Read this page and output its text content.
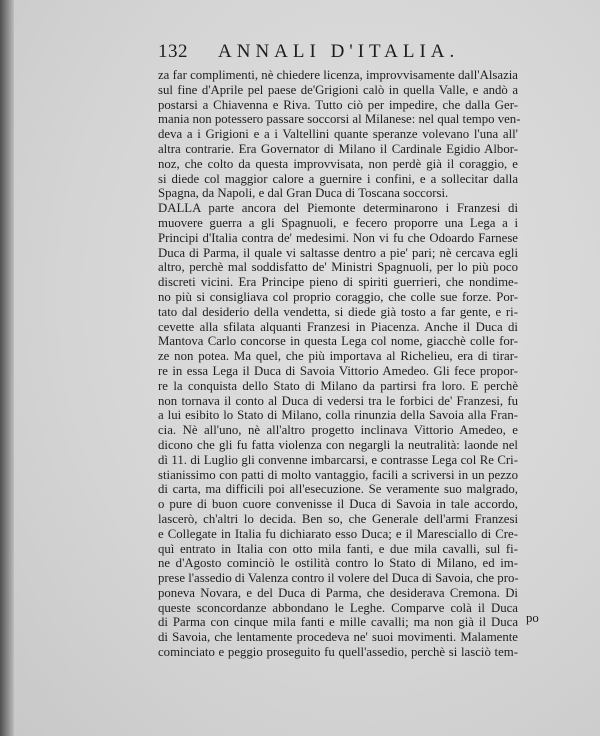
132 ANNALI D'ITALIA.
za far complimenti, nè chiedere licenza, improvvisamente dall'Alsazia
sul fine d'Aprile pel paese de'Grigioni calò in quella Valle, e andò a
postarsi a Chiavenna e Riva. Tutto ciò per impedire, che dalla Ger-
mania non potessero passare soccorsi al Milanese: nel qual tempo ven-
deva a i Grigioni e a i Valtellini quante speranze volevano l'una all'
altra contrarie. Era Governator di Milano il Cardinale Egidio Albor-
noz, che colto da questa improvvisata, non perdè già il coraggio, e
si diede col maggior calore a guernire i confini, e a sollecitar dalla
Spagna, da Napoli, e dal Gran Duca di Toscana soccorsi.
DALLA parte ancora del Piemonte determinarono i Franzesi di
muovere guerra a gli Spagnuoli, e fecero proporre una Lega a i
Principi d'Italia contra de' medesimi. Non vi fu che Odoardo Farnese
Duca di Parma, il quale vi saltasse dentro a pie' pari; nè cercava egli
altro, perchè mal soddisfatto de' Ministri Spagnuoli, per lo più poco
discreti vicini. Era Principe pieno di spiriti guerrieri, che nondime-
no più si consigliava col proprio coraggio, che colle sue forze. Por-
tato dal desiderio della vendetta, si diede già tosto a far gente, e ri-
cevette alla sfilata alquanti Franzesi in Piacenza. Anche il Duca di
Mantova Carlo concorse in questa Lega col nome, giacchè colle for-
ze non potea. Ma quel, che più importava al Richelieu, era di tirar-
re in essa Lega il Duca di Savoia Vittorio Amedeo. Gli fece propor-
re la conquista dello Stato di Milano da partirsi fra loro. E perchè
non tornava il conto al Duca di vedersi tra le forbici de' Franzesi, fu
a lui esibito lo Stato di Milano, colla rinunzia della Savoia alla Fran-
cia. Nè all'uno, nè all'altro progetto inclinava Vittorio Amedeo, e
dicono che gli fu fatta violenza con negargli la neutralità: laonde nel
dì 11. di Luglio gli convenne imbarcarsi, e contrasse Lega col Re Cri-
stianissimo con patti di molto vantaggio, facili a scriversi in un pezzo
di carta, ma difficili poi all'esecuzione. Se veramente suo malgrado,
o pure di buon cuore convenisse il Duca di Savoia in tale accordo,
lascerò, ch'altri lo decida. Ben so, che Generale dell'armi Franzesi
e Collegate in Italia fu dichiarato esso Duca; e il Maresciallo di Cre-
quì entrato in Italia con otto mila fanti, e due mila cavalli, sul fi-
ne d'Agosto cominciò le ostilità contro lo Stato di Milano, ed im-
prese l'assedio di Valenza contro il volere del Duca di Savoia, che pro-
poneva Novara, e del Duca di Parma, che desiderava Cremona. Di
queste sconcordanze abbondano le Leghe. Comparve colà il Duca
di Parma con cinque mila fanti e mille cavalli; ma non già il Duca
di Savoia, che lentamente procedeva ne' suoi movimenti. Malamente
cominciato e peggio proseguito fu quell'assedio, perchè si lasciò tem-
po
